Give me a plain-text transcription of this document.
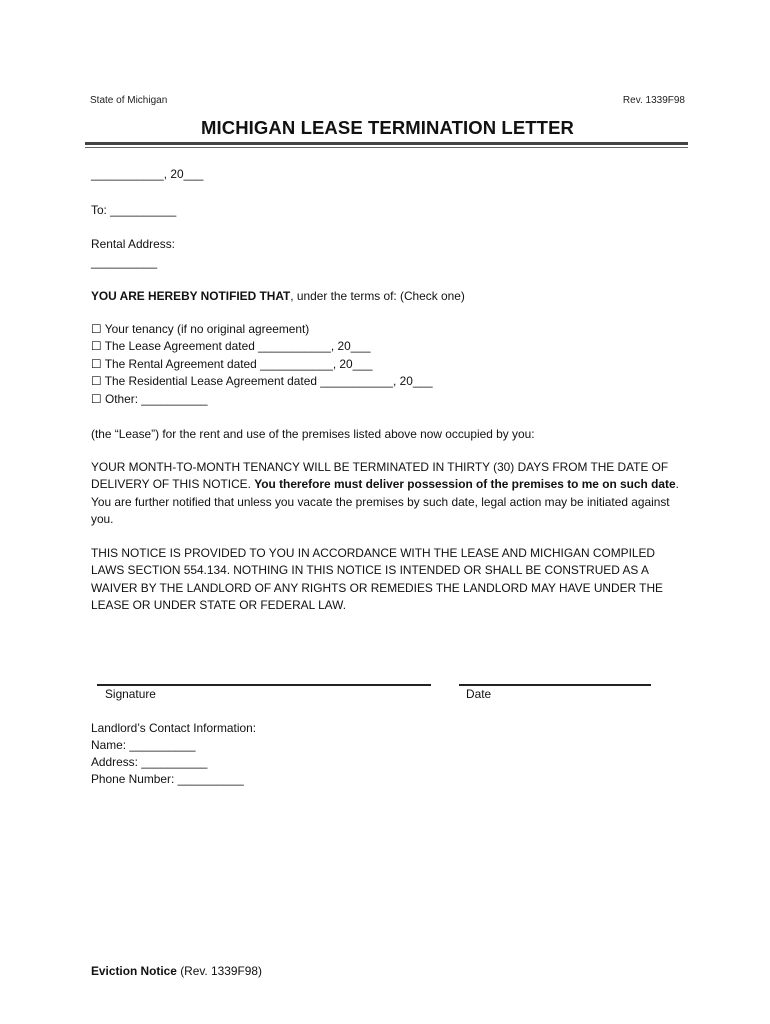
State of Michigan	Rev. 1339F98
MICHIGAN LEASE TERMINATION LETTER
___________, 20___
To: __________
Rental Address:
__________
YOU ARE HEREBY NOTIFIED THAT, under the terms of: (Check one)
☐ Your tenancy (if no original agreement)
☐ The Lease Agreement dated ___________, 20___
☐ The Rental Agreement dated ___________, 20___
☐ The Residential Lease Agreement dated ___________, 20___
☐ Other: __________
(the “Lease”) for the rent and use of the premises listed above now occupied by you:
YOUR MONTH-TO-MONTH TENANCY WILL BE TERMINATED IN THIRTY (30) DAYS FROM THE DATE OF DELIVERY OF THIS NOTICE. You therefore must deliver possession of the premises to me on such date. You are further notified that unless you vacate the premises by such date, legal action may be initiated against you.
THIS NOTICE IS PROVIDED TO YOU IN ACCORDANCE WITH THE LEASE AND MICHIGAN COMPILED LAWS SECTION 554.134. NOTHING IN THIS NOTICE IS INTENDED OR SHALL BE CONSTRUED AS A WAIVER BY THE LANDLORD OF ANY RIGHTS OR REMEDIES THE LANDLORD MAY HAVE UNDER THE LEASE OR UNDER STATE OR FEDERAL LAW.
Signature	Date
Landlord’s Contact Information:
Name: __________
Address: __________
Phone Number: __________
Eviction Notice (Rev. 1339F98)
